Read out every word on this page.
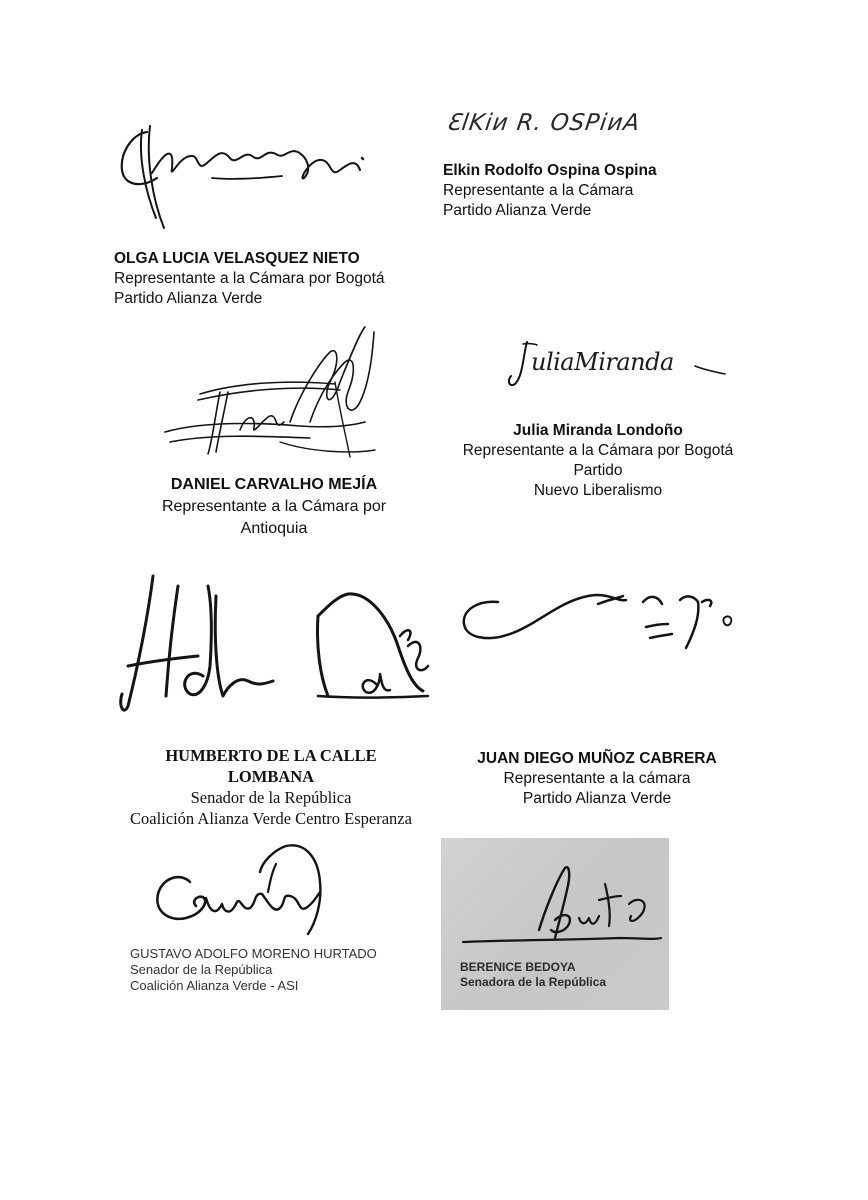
ƐlKiᴎ R. OSPiᴎA
Elkin Rodolfo Ospina Ospina
Representante a la Cámara
Partido Alianza Verde
OLGA LUCIA VELASQUEZ NIETO
Representante a la Cámara por Bogotá
Partido Alianza Verde
uliaMiranda
DANIEL CARVALHO MEJÍA
Representante a la Cámara por
Antioquia
Julia Miranda Londoño
Representante a la Cámara por Bogotá
Partido
Nuevo Liberalismo
HUMBERTO DE LA CALLE
LOMBANA
Senador de la República
Coalición Alianza Verde Centro Esperanza
JUAN DIEGO MUÑOZ CABRERA
Representante a la cámara
Partido Alianza Verde
GUSTAVO ADOLFO MORENO HURTADO
Senador de la República
Coalición Alianza Verde - ASI
BERENICE BEDOYA
Senadora de la República
